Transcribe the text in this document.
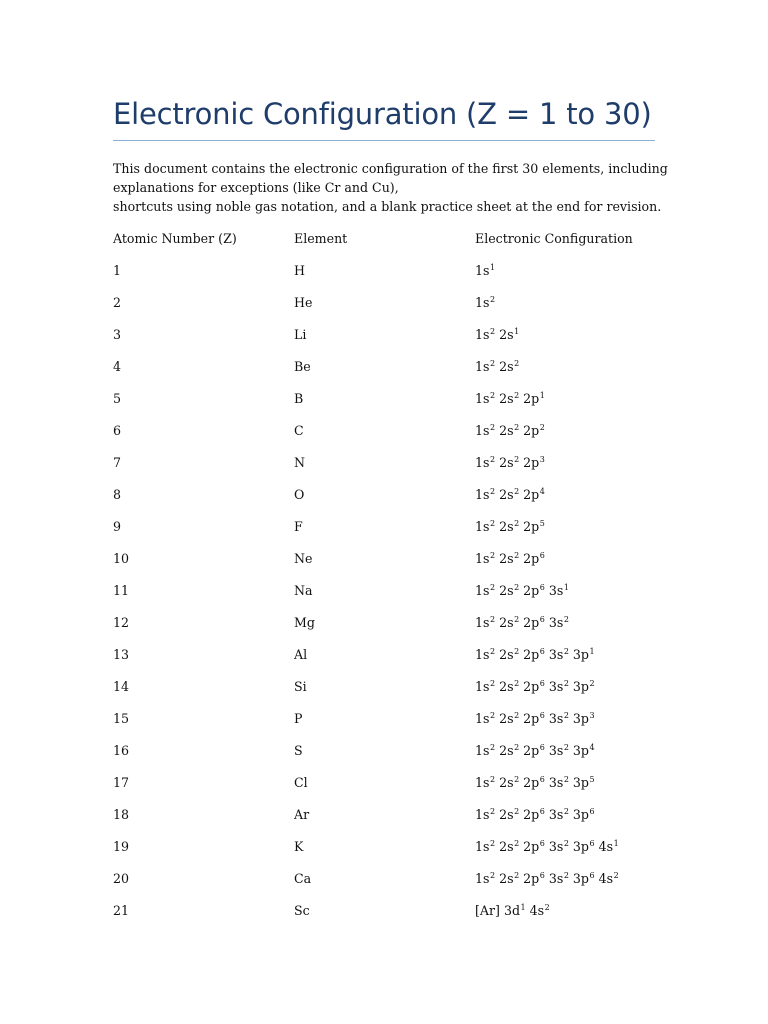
Electronic Configuration (Z = 1 to 30)
This document contains the electronic configuration of the first 30 elements, including
explanations for exceptions (like Cr and Cu),
shortcuts using noble gas notation, and a blank practice sheet at the end for revision.
Atomic Number (Z)	Element	Electronic Configuration
1	H	$1s^1$
2	He	$1s^2$
3	Li	$1s^2$ $2s^1$
4	Be	$1s^2$ $2s^2$
5	B	$1s^2$ $2s^2$ $2p^1$
6	C	$1s^2$ $2s^2$ $2p^2$
7	N	$1s^2$ $2s^2$ $2p^3$
8	O	$1s^2$ $2s^2$ $2p^4$
9	F	$1s^2$ $2s^2$ $2p^5$
10	Ne	$1s^2$ $2s^2$ $2p^6$
11	Na	$1s^2$ $2s^2$ $2p^6$ $3s^1$
12	Mg	$1s^2$ $2s^2$ $2p^6$ $3s^2$
13	Al	$1s^2$ $2s^2$ $2p^6$ $3s^2$ $3p^1$
14	Si	$1s^2$ $2s^2$ $2p^6$ $3s^2$ $3p^2$
15	P	$1s^2$ $2s^2$ $2p^6$ $3s^2$ $3p^3$
16	S	$1s^2$ $2s^2$ $2p^6$ $3s^2$ $3p^4$
17	Cl	$1s^2$ $2s^2$ $2p^6$ $3s^2$ $3p^5$
18	Ar	$1s^2$ $2s^2$ $2p^6$ $3s^2$ $3p^6$
19	K	$1s^2$ $2s^2$ $2p^6$ $3s^2$ $3p^6$ $4s^1$
20	Ca	$1s^2$ $2s^2$ $2p^6$ $3s^2$ $3p^6$ $4s^2$
21	Sc	[Ar] $3d^1$ $4s^2$
